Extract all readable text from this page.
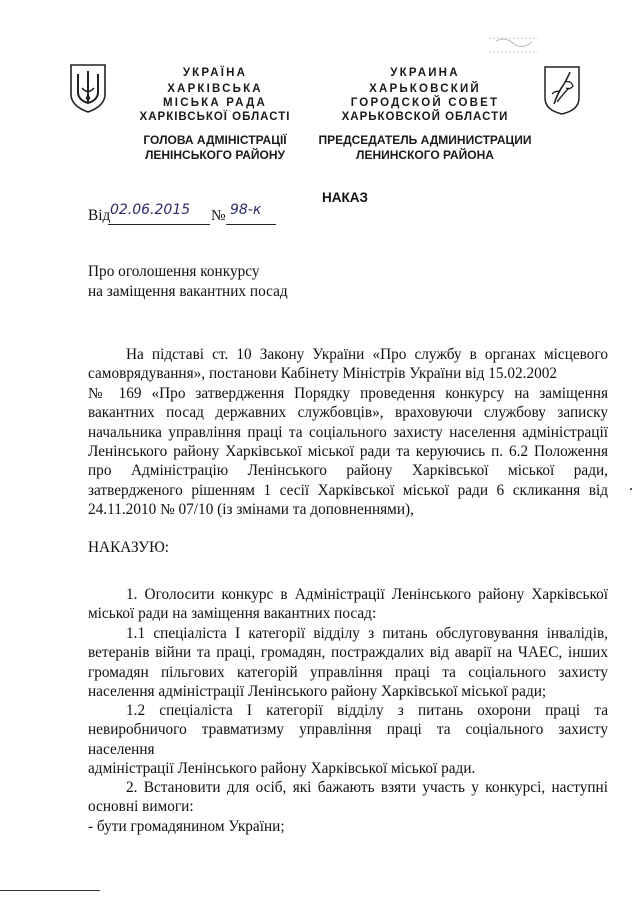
УКРАЇНА
ХАРКІВСЬКА
МІСЬКА РАДА
ХАРКІВСЬКОЇ ОБЛАСТІ
ГОЛОВА АДМІНІСТРАЦІЇ
ЛЕНІНСЬКОГО РАЙОНУ
УКРАИНА
ХАРЬКОВСКИЙ
ГОРОДСКОЙ СОВЕТ
ХАРЬКОВСКОЙ ОБЛАСТИ
ПРЕДСЕДАТЕЛЬ АДМИНИСТРАЦИИ
ЛЕНИНСКОГО РАЙОНА
НАКАЗ
Від 02.06.2015 № 98-к
Про оголошення конкурсу
на заміщення вакантних посад
На підставі ст. 10 Закону України «Про службу в органах місцевого
самоврядування», постанови Кабінету Міністрів України від 15.02.2002
№ 169 «Про затвердження Порядку проведення конкурсу на заміщення
вакантних посад державних службовців», враховуючи службову записку
начальника управління праці та соціального захисту населення адміністрації
Ленінського району Харківської міської ради та керуючись п. 6.2 Положення
про Адміністрацію Ленінського району Харківської міської ради,
затвердженого рішенням 1 сесії Харківської міської ради 6 скликання від
24.11.2010 № 07/10 (із змінами та доповненнями),
НАКАЗУЮ:
1. Оголосити конкурс в Адміністрації Ленінського району Харківської
міської ради на заміщення вакантних посад:
1.1 спеціаліста І категорії відділу з питань обслуговування інвалідів,
ветеранів війни та праці, громадян, постраждалих від аварії на ЧАЕС, інших
громадян пільгових категорій управління праці та соціального захисту
населення адміністрації Ленінського району Харківської міської ради;
1.2 спеціаліста І категорії відділу з питань охорони праці та
невиробничого травматизму управління праці та соціального захисту населення
адміністрації Ленінського району Харківської міської ради.
2. Встановити для осіб, які бажають взяти участь у конкурсі, наступні
основні вимоги:
- бути громадянином України;
